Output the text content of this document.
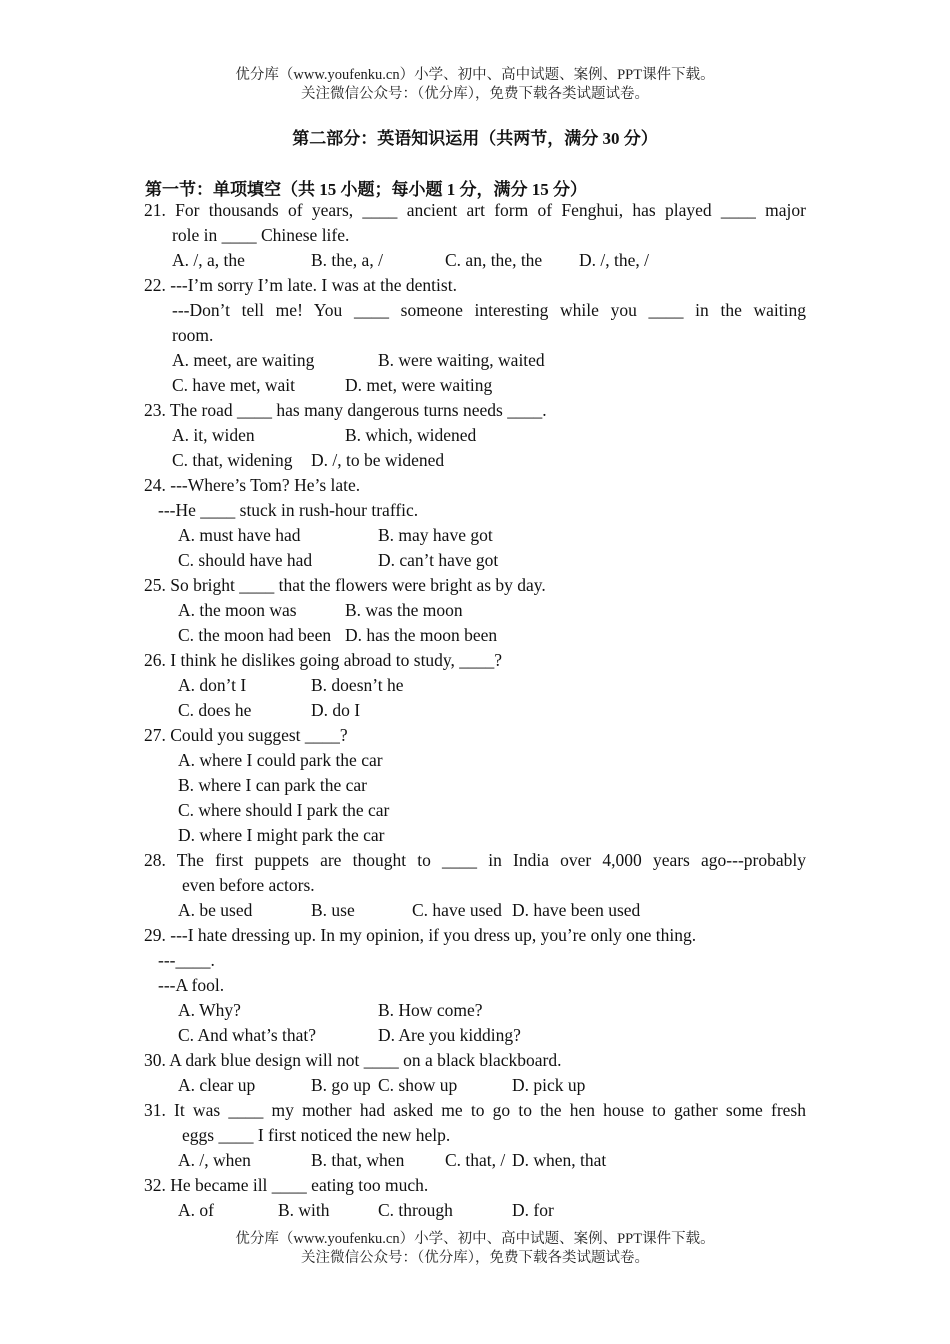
优分库（www.youfenku.cn）小学、初中、高中试题、案例、PPT课件下载。
关注微信公众号：（优分库），免费下载各类试题试卷。
第二部分：英语知识运用（共两节，满分 30 分）
第一节：单项填空（共 15 小题；每小题 1 分，满分 15 分）
21. For thousands of years, ____ ancient art form of Fenghui, has played ____ major
role in ____ Chinese life.
A. /, a, the	B. the, a, /	C. an, the, the D. /, the, /
22. ---I’m sorry I’m late. I was at the dentist.
---Don’t tell me! You ____ someone interesting while you ____ in the waiting
room.
A. meet, are waiting	B. were waiting, waited
C. have met, wait	D. met, were waiting
23. The road ____ has many dangerous turns needs ____.
A. it, widen	B. which, widened
C. that, widening D. /, to be widened
24. ---Where’s Tom? He’s late.
---He ____ stuck in rush-hour traffic.
A. must have had	B. may have got
C. should have had	D. can’t have got
25. So bright ____ that the flowers were bright as by day.
A. the moon was	B. was the moon
C. the moon had been D. has the moon been
26. I think he dislikes going abroad to study, ____?
A. don’t I	B. doesn’t he
C. does he	D. do I
27. Could you suggest ____?
A. where I could park the car
B. where I can park the car
C. where should I park the car
D. where I might park the car
28. The first puppets are thought to ____ in India over 4,000 years ago---probably
even before actors.
A. be used	B. use	C. have used D. have been used
29. ---I hate dressing up. In my opinion, if you dress up, you’re only one thing.
---____.
---A fool.
A. Why?	B. How come?
C. And what’s that?	D. Are you kidding?
30. A dark blue design will not ____ on a black blackboard.
A. clear up	B. go up C. show up	D. pick up
31. It was ____ my mother had asked me to go to the hen house to gather some fresh
eggs ____ I first noticed the new help.
A. /, when	B. that, when C. that, / D. when, that
32. He became ill ____ eating too much.
A. of	B. with	C. through	D. for
优分库（www.youfenku.cn）小学、初中、高中试题、案例、PPT课件下载。
关注微信公众号：（优分库），免费下载各类试题试卷。
